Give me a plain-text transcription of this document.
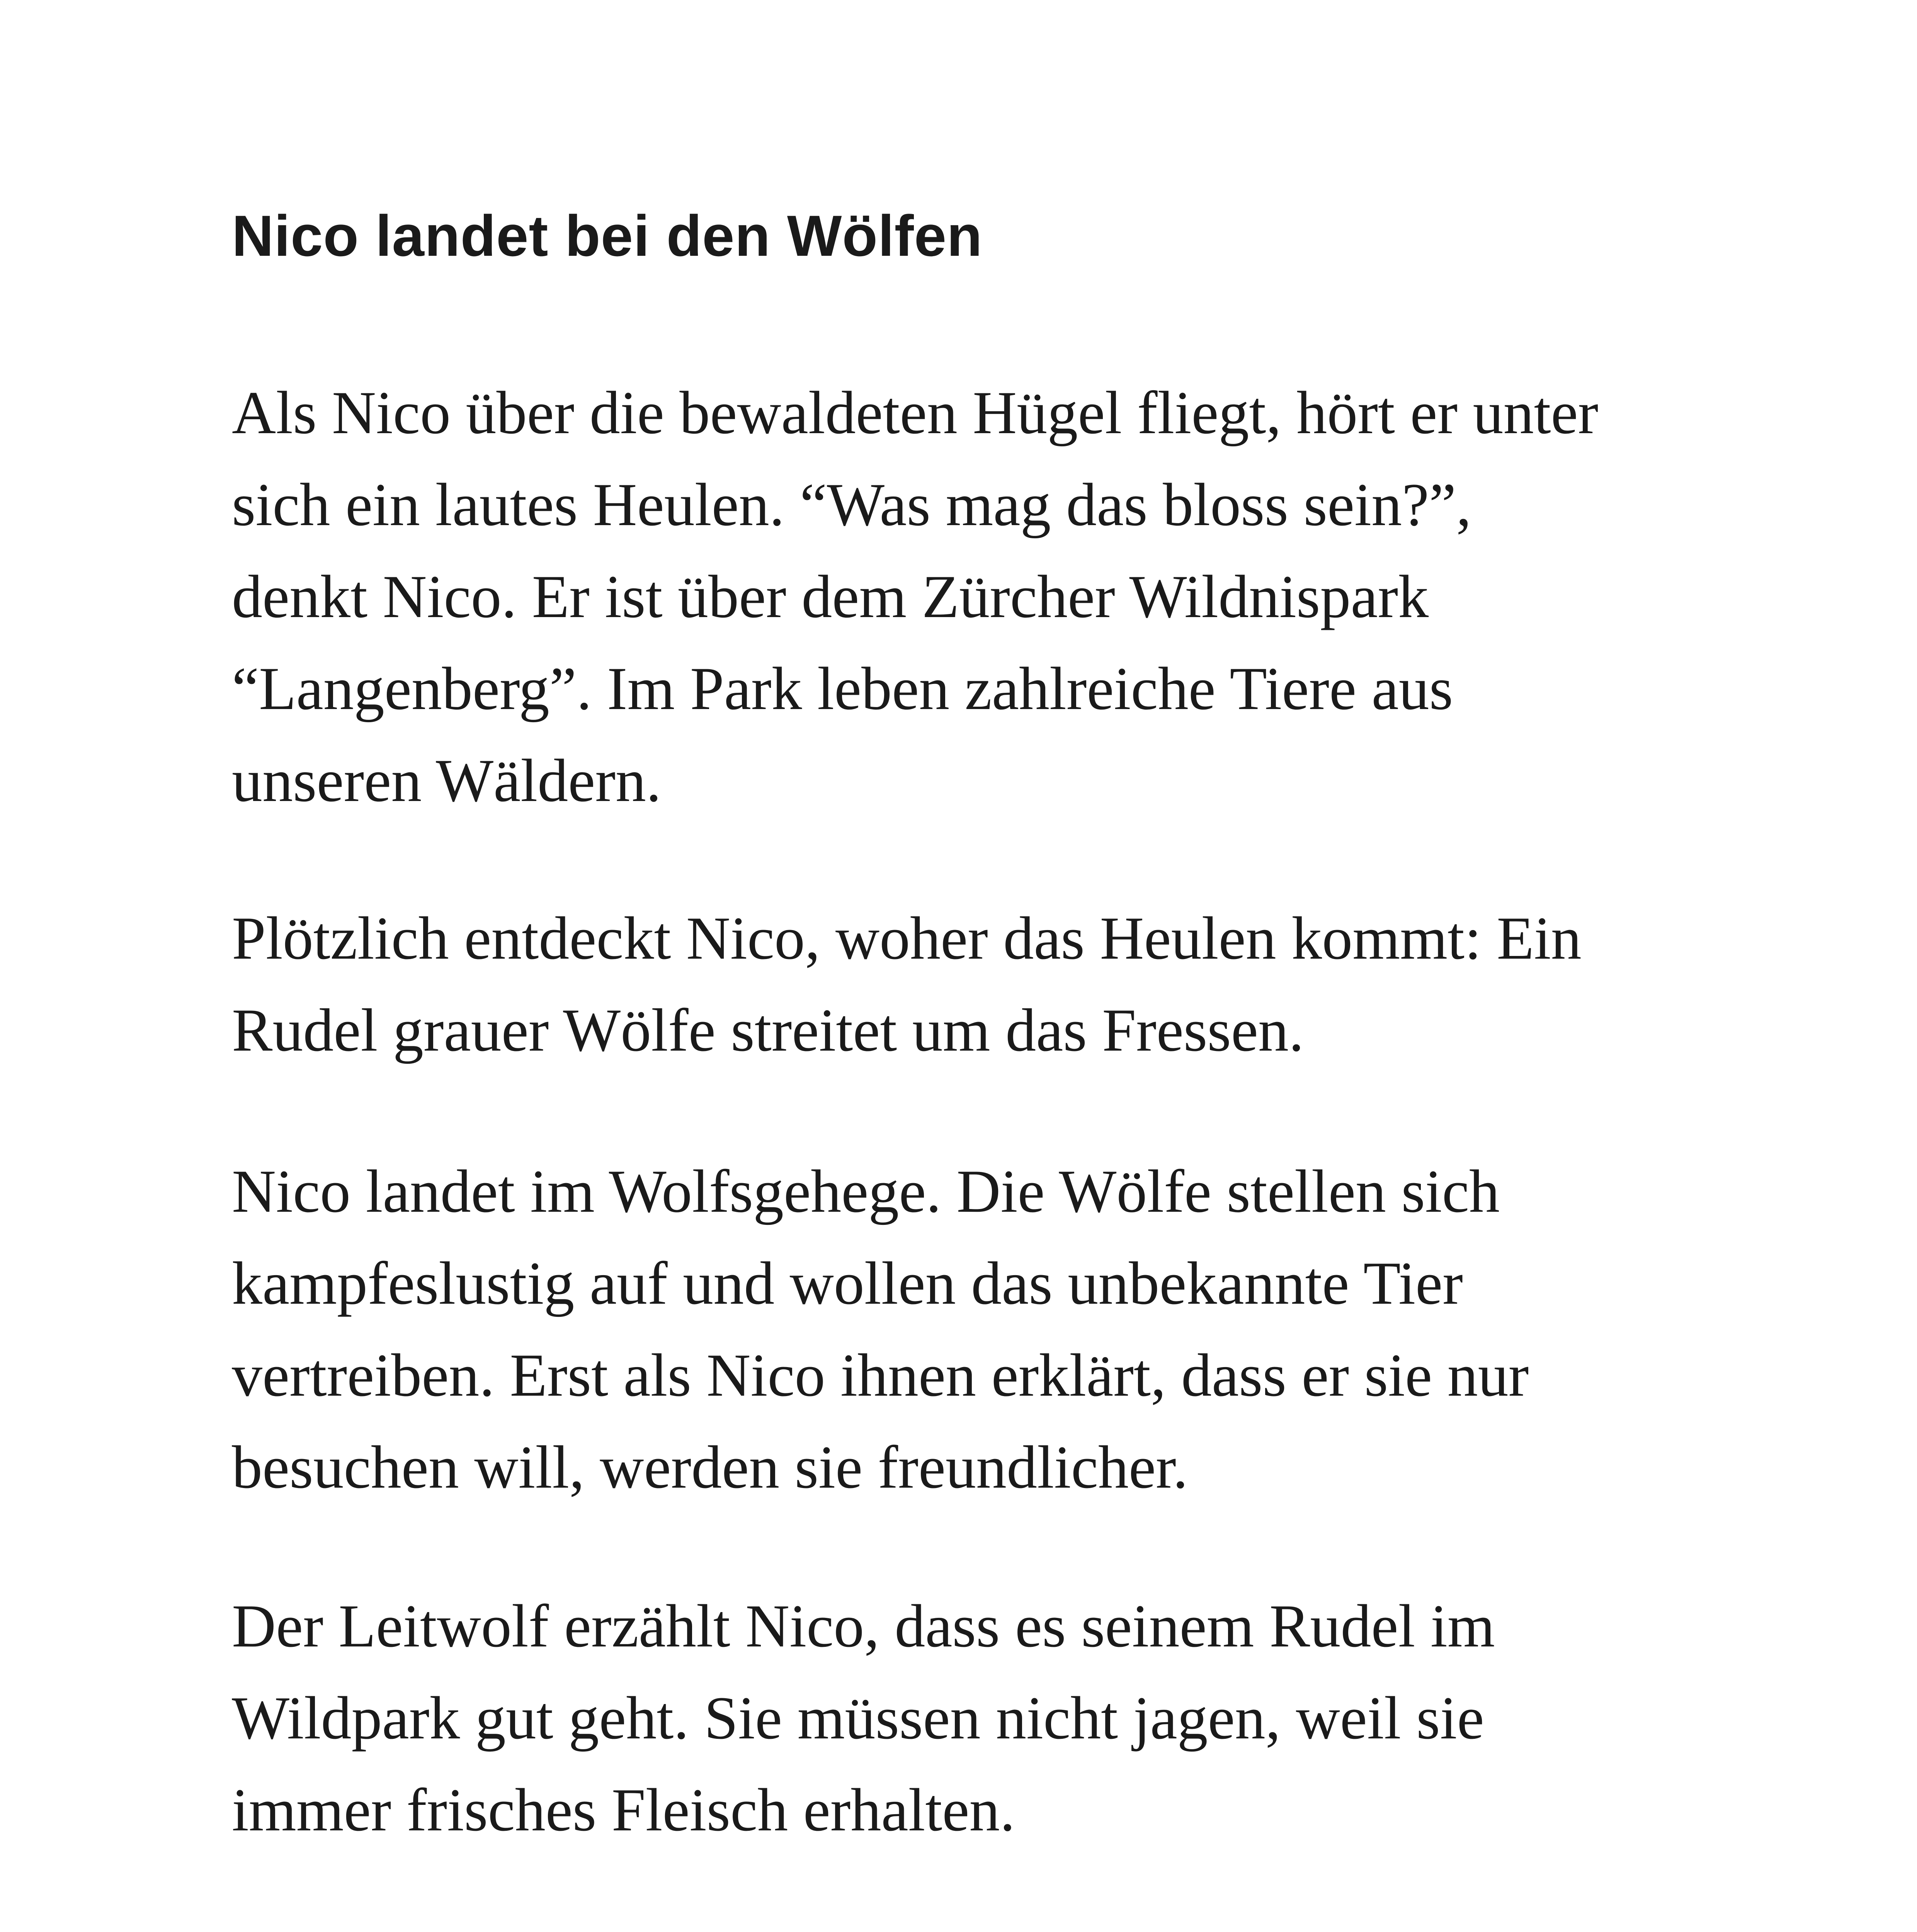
Nico landet bei den Wölfen

Als Nico über die bewaldeten Hügel fliegt, hört er unter
sich ein lautes Heulen. “Was mag das bloss sein?”,
denkt Nico. Er ist über dem Zürcher Wildnispark
“Langenberg”. Im Park leben zahlreiche Tiere aus
unseren Wäldern.

Plötzlich entdeckt Nico, woher das Heulen kommt: Ein
Rudel grauer Wölfe streitet um das Fressen.

Nico landet im Wolfsgehege. Die Wölfe stellen sich
kampfeslustig auf und wollen das unbekannte Tier
vertreiben. Erst als Nico ihnen erklärt, dass er sie nur
besuchen will, werden sie freundlicher.

Der Leitwolf erzählt Nico, dass es seinem Rudel im
Wildpark gut geht. Sie müssen nicht jagen, weil sie
immer frisches Fleisch erhalten.
